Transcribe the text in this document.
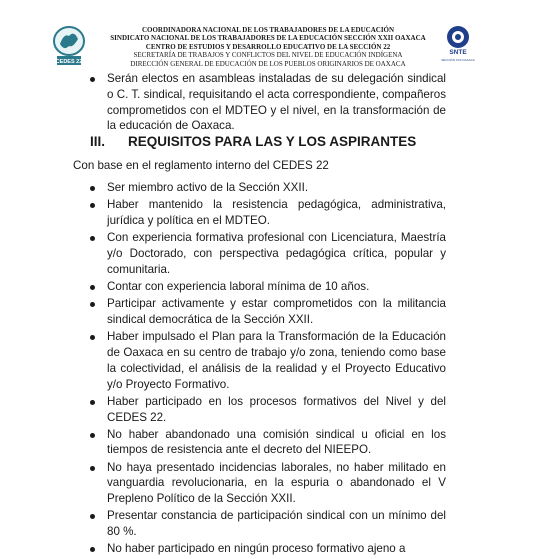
CEDES 22
COORDINADORA NACIONAL DE LOS TRABAJADORES DE LA EDUCACIÓN
SINDICATO NACIONAL DE LOS TRABAJADORES DE LA EDUCACIÓN SECCIÓN XXII OAXACA
CENTRO DE ESTUDIOS Y DESARROLLO EDUCATIVO DE LA SECCIÓN 22
SECRETARÍA DE TRABAJOS Y CONFLICTOS DEL NIVEL DE EDUCACIÓN INDÍGENA
DIRECCIÓN GENERAL DE EDUCACIÓN DE LOS PUEBLOS ORIGINARIOS DE OAXACA
SNTE
SECCIÓN XXII OAXACA
Serán electos en asambleas instaladas de su delegación sindical o C. T. sindical, requisitando el acta correspondiente, compañeros comprometidos con el MDTEO y el nivel, en la transformación de la educación de Oaxaca.
III. REQUISITOS PARA LAS Y LOS ASPIRANTES
Con base en el reglamento interno del CEDES 22
Ser miembro activo de la Sección XXII.
Haber mantenido la resistencia pedagógica, administrativa, jurídica y política en el MDTEO.
Con experiencia formativa profesional con Licenciatura, Maestría y/o Doctorado, con perspectiva pedagógica crítica, popular y comunitaria.
Contar con experiencia laboral mínima de 10 años.
Participar activamente y estar comprometidos con la militancia sindical democrática de la Sección XXII.
Haber impulsado el Plan para la Transformación de la Educación de Oaxaca en su centro de trabajo y/o zona, teniendo como base la colectividad, el análisis de la realidad y el Proyecto Educativo y/o Proyecto Formativo.
Haber participado en los procesos formativos del Nivel y del CEDES 22.
No haber abandonado una comisión sindical u oficial en los tiempos de resistencia ante el decreto del NIEEPO.
No haya presentado incidencias laborales, no haber militado en vanguardia revolucionaria, en la espuria o abandonado el V Prepleno Político de la Sección XXII.
Presentar constancia de participación sindical con un mínimo del 80 %.
No haber participado en ningún proceso formativo ajeno a
